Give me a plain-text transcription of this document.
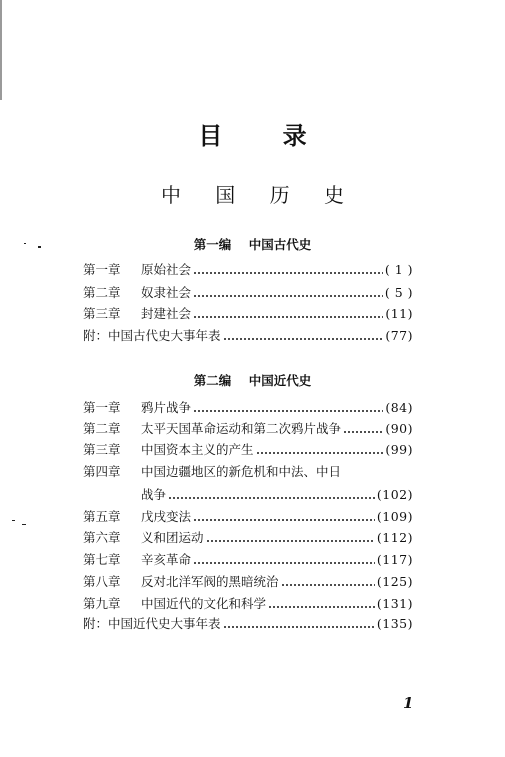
目 录
中 国 历 史
第一编    中国古代史
第一章 原始社会	( 1 )
第二章 奴隶社会	( 5 )
第三章 封建社会	(11)
附：中国古代史大事年表	(77)
第二编    中国近代史
第一章 鸦片战争	(84)
第二章 太平天国革命运动和第二次鸦片战争	(90)
第三章 中国资本主义的产生	(99)
第四章 中国边疆地区的新危机和中法、中日
战争	(102)
第五章 戊戌变法	(109)
第六章 义和团运动	(112)
第七章 辛亥革命	(117)
第八章 反对北洋军阀的黑暗统治	(125)
第九章 中国近代的文化和科学	(131)
附：中国近代史大事年表	(135)
1
